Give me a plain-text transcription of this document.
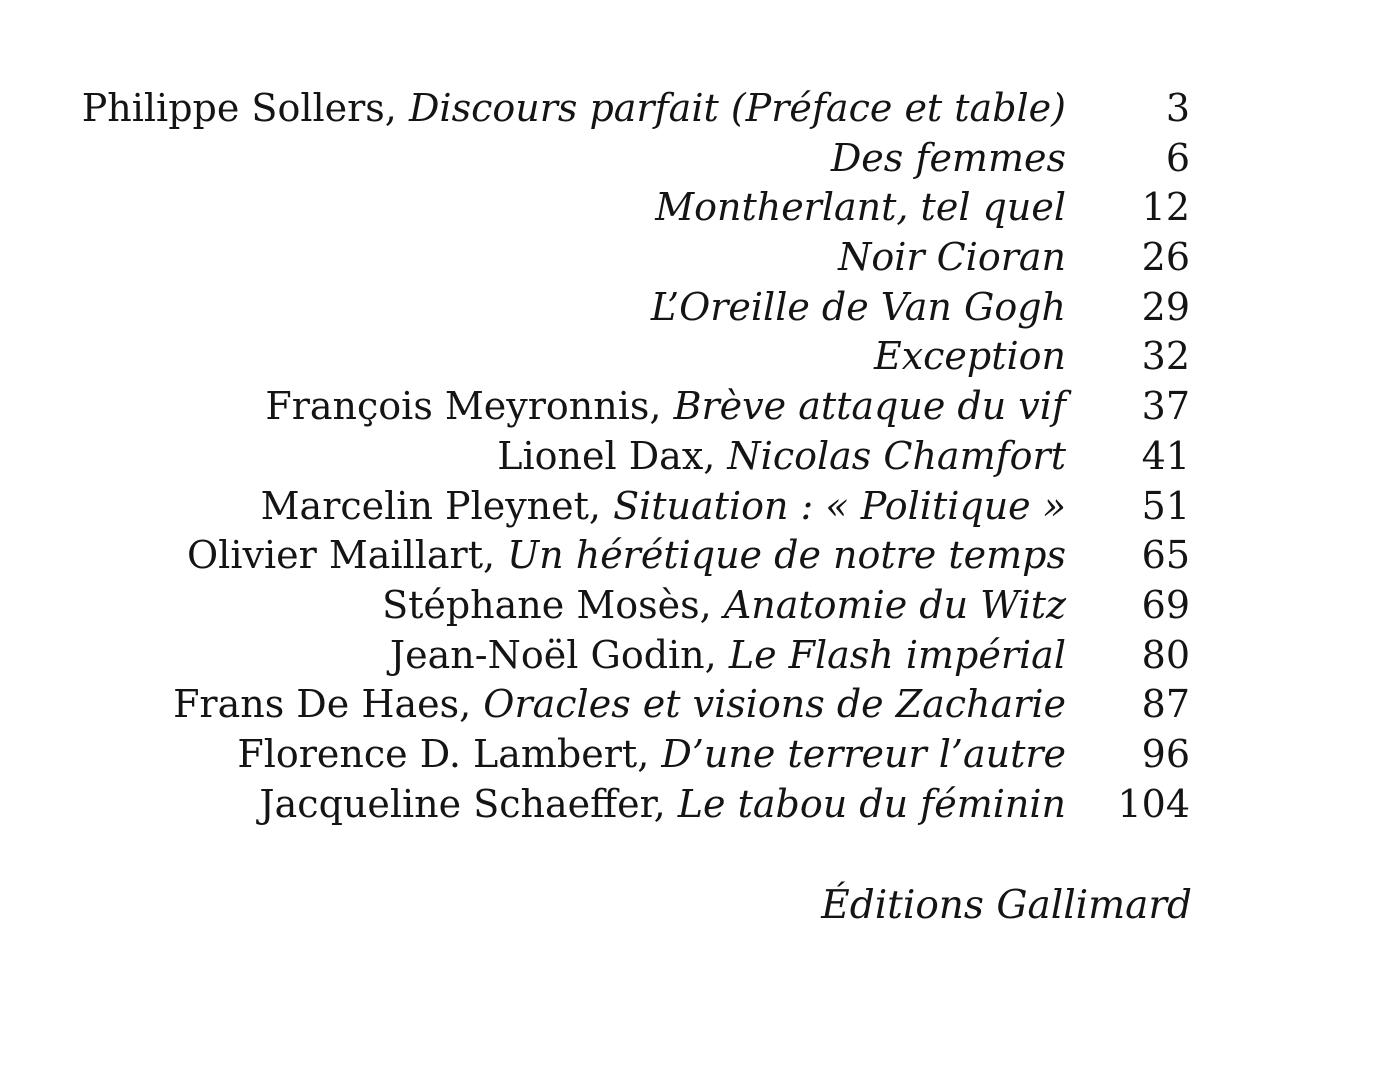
Philippe Sollers, Discours parfait (Préface et table)	3
Des femmes	6
Montherlant, tel quel 12
Noir Cioran 26
L’Oreille de Van Gogh 29
Exception 32
François Meyronnis, Brève attaque du vif 37
Lionel Dax, Nicolas Chamfort 41
Marcelin Pleynet, Situation : « Politique » 51
Olivier Maillart, Un hérétique de notre temps 65
Stéphane Mosès, Anatomie du Witz 69
Jean-Noël Godin, Le Flash impérial 80
Frans De Haes, Oracles et visions de Zacharie 87
Florence D. Lambert, D’une terreur l’autre 96
Jacqueline Schaeffer, Le tabou du féminin 104
Éditions Gallimard
